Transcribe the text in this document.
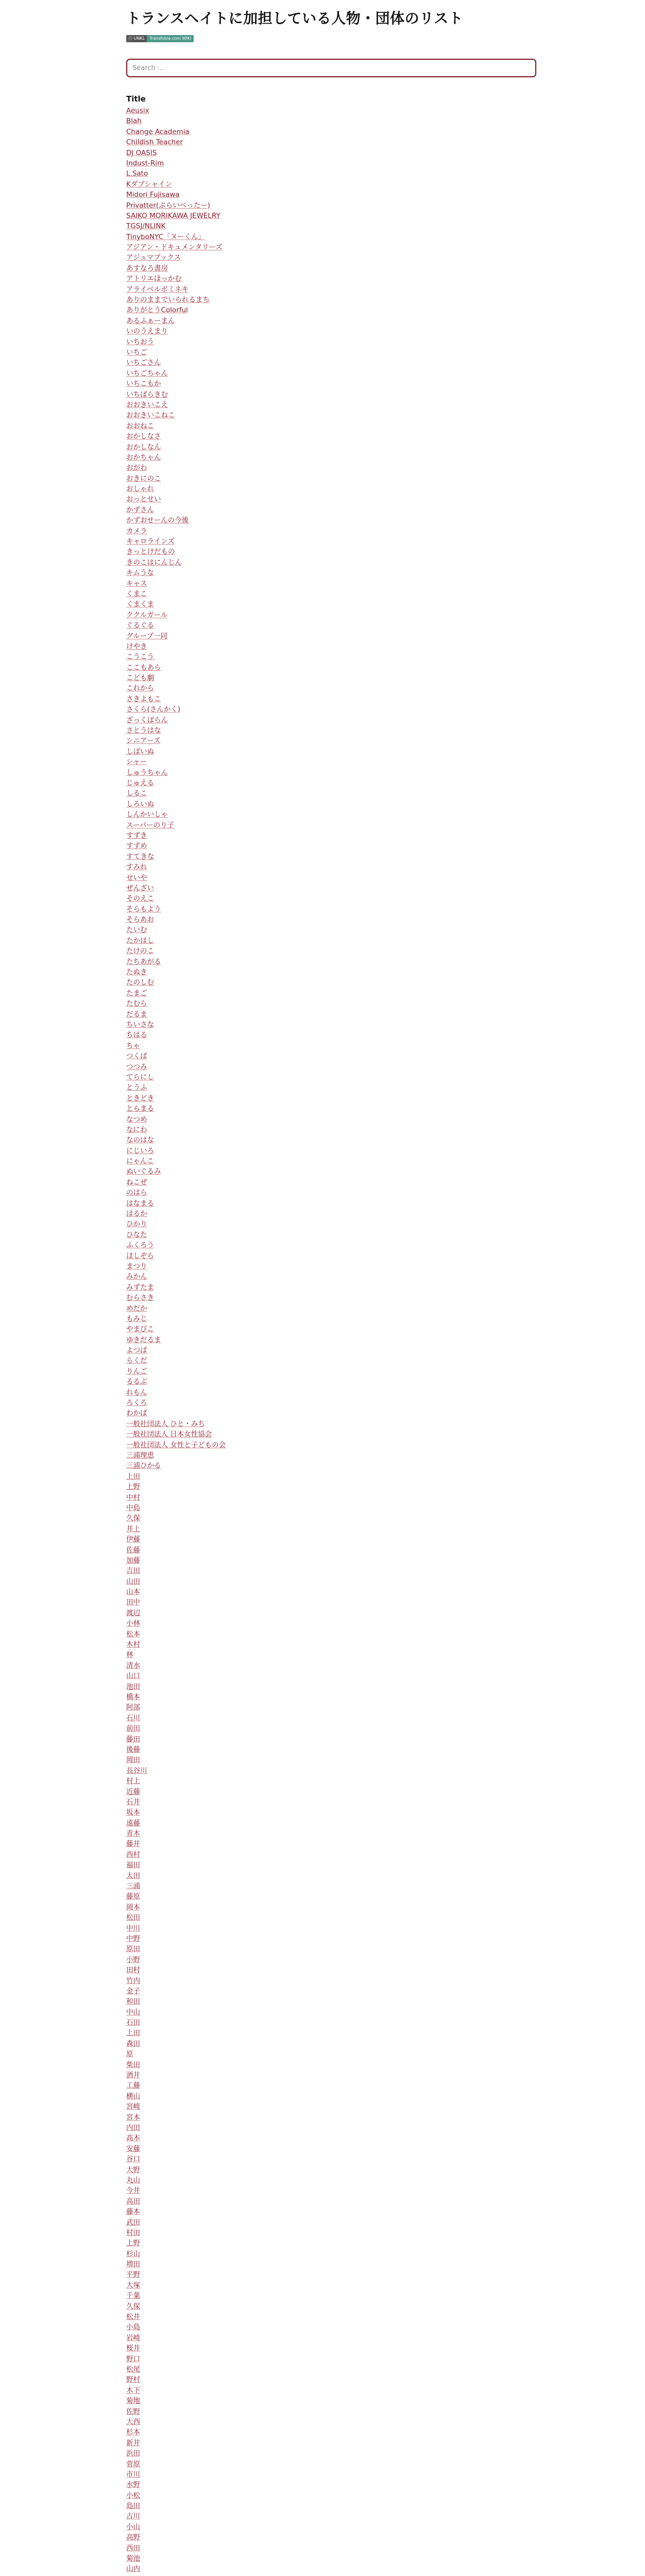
トランスヘイトに加担している人物・団体のリスト
ⓒ UNKL	Transfobia.com WIKI
Search ...
Title
Aeusix
Blah
Change Academia
Childish Teacher
DJ OASIS
Indust-Rim
L.Sato
Kダブシャイン
Midori Fujisawa
Privatter(ぷらいべったー)
SAIKO MORIKAWA JEWELRY
TGSJ/NLINK
TinyboNYC「ヌーくん」
アジアン・ドキュメンタリーズ
アジュマブックス
あすなろ書房
アトリエほっかむ
アライベルボミネキ
ありのままでいられるまち
ありがとうColorful
あるふぁーまん
いのうえまり
いちおう
いちご
いちごさん
いちごちゃん
いちこもか
いちばらきむ
おおきいこえ
おおきいこねこ
おおねこ
おかしなさ
おかしなん
おかちゃん
おがわ
おきにのこ
おしゃれ
おっとせい
かずさん
かずおせーんの今後
カメラ
キャロラインズ
きっとけだもの
きのこはにんじん
キムうな
キャス
くまこ
くまくま
ククルガール
ぐるぐる
グループ一同
けやき
こうこう
ここもあら
こども劇
これから
さきよもこ
さくら(さんかく)
ざっくばらん
さとうはな
シニアーズ
しばいぬ
シャー
しゅうちゃん
じゅえる
しるこ
しろいぬ
しんかいしゃ
スーパーのり子
すずき
すずめ
すてきな
すみれ
せいや
ぜんざい
そのえこ
そらもよう
そらあお
たいむ
たかはし
たけのこ
たちあがる
たぬき
たのしむ
たまご
たむら
だるま
ちいさな
ちはる
ちゃ
つくば
つつみ
てらにし
とうふ
ときどき
とらまる
なつめ
なにわ
なのはな
にじいろ
にゃんこ
ぬいぐるみ
ねこぜ
のはら
はなまる
はるか
ひかり
ひなた
ふくろう
ほしぞら
まつり
みかん
みずたま
むらさき
めだか
もみじ
やまびこ
ゆきだるま
よつば
らくだ
りんご
るるぶ
れもん
ろくろ
わかば
一般社団法人 ひと・みち
一般社団法人 日本女性協会
一般社団法人 女性と子どもの会
三浦理恵
三浦ひかる
上田
上野
中村
中島
久保
井上
伊藤
佐藤
加藤
吉田
山田
山本
田中
渡辺
小林
松本
木村
林
清水
山口
池田
橋本
阿部
石川
前田
藤田
後藤
岡田
長谷川
村上
近藤
石井
坂本
遠藤
青木
藤井
西村
福田
太田
三浦
藤原
岡本
松田
中川
中野
原田
小野
田村
竹内
金子
和田
中山
石田
上田
森田
原
柴田
酒井
工藤
横山
宮崎
宮本
内田
高木
安藤
谷口
大野
丸山
今井
高田
藤本
武田
村田
上野
杉山
増田
平野
大塚
千葉
久保
松井
小島
岩崎
桜井
野口
松尾
野村
木下
菊地
佐野
大西
杉本
新井
浜田
菅原
市川
水野
小松
島田
古川
小山
高野
西田
菊池
山内
